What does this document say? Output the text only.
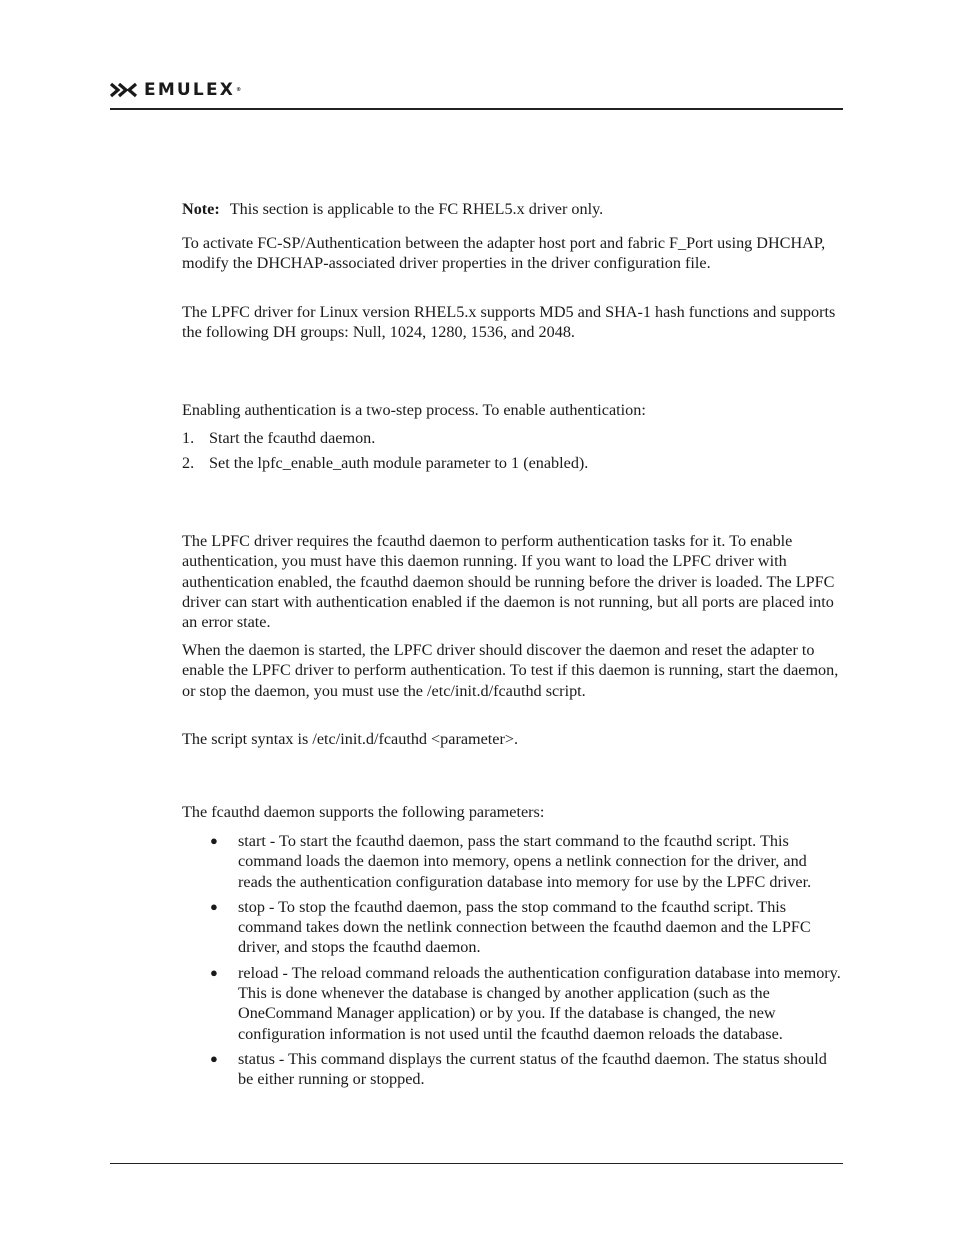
EMULEX®

Note: This section is applicable to the FC RHEL5.x driver only.

To activate FC-SP/Authentication between the adapter host port and fabric F_Port using DHCHAP, modify the DHCHAP-associated driver properties in the driver configuration file.

The LPFC driver for Linux version RHEL5.x supports MD5 and SHA-1 hash functions and supports the following DH groups: Null, 1024, 1280, 1536, and 2048.

Enabling authentication is a two-step process. To enable authentication:

1. Start the fcauthd daemon.
2. Set the lpfc_enable_auth module parameter to 1 (enabled).

The LPFC driver requires the fcauthd daemon to perform authentication tasks for it. To enable authentication, you must have this daemon running. If you want to load the LPFC driver with authentication enabled, the fcauthd daemon should be running before the driver is loaded. The LPFC driver can start with authentication enabled if the daemon is not running, but all ports are placed into an error state.

When the daemon is started, the LPFC driver should discover the daemon and reset the adapter to enable the LPFC driver to perform authentication. To test if this daemon is running, start the daemon, or stop the daemon, you must use the /etc/init.d/fcauthd script.

The script syntax is /etc/init.d/fcauthd <parameter>.

The fcauthd daemon supports the following parameters:

●	start - To start the fcauthd daemon, pass the start command to the fcauthd script. This command loads the daemon into memory, opens a netlink connection for the driver, and reads the authentication configuration database into memory for use by the LPFC driver.
●	stop - To stop the fcauthd daemon, pass the stop command to the fcauthd script. This command takes down the netlink connection between the fcauthd daemon and the LPFC driver, and stops the fcauthd daemon.
●	reload - The reload command reloads the authentication configuration database into memory. This is done whenever the database is changed by another application (such as the OneCommand Manager application) or by you. If the database is changed, the new configuration information is not used until the fcauthd daemon reloads the database.
●	status - This command displays the current status of the fcauthd daemon. The status should be either running or stopped.
